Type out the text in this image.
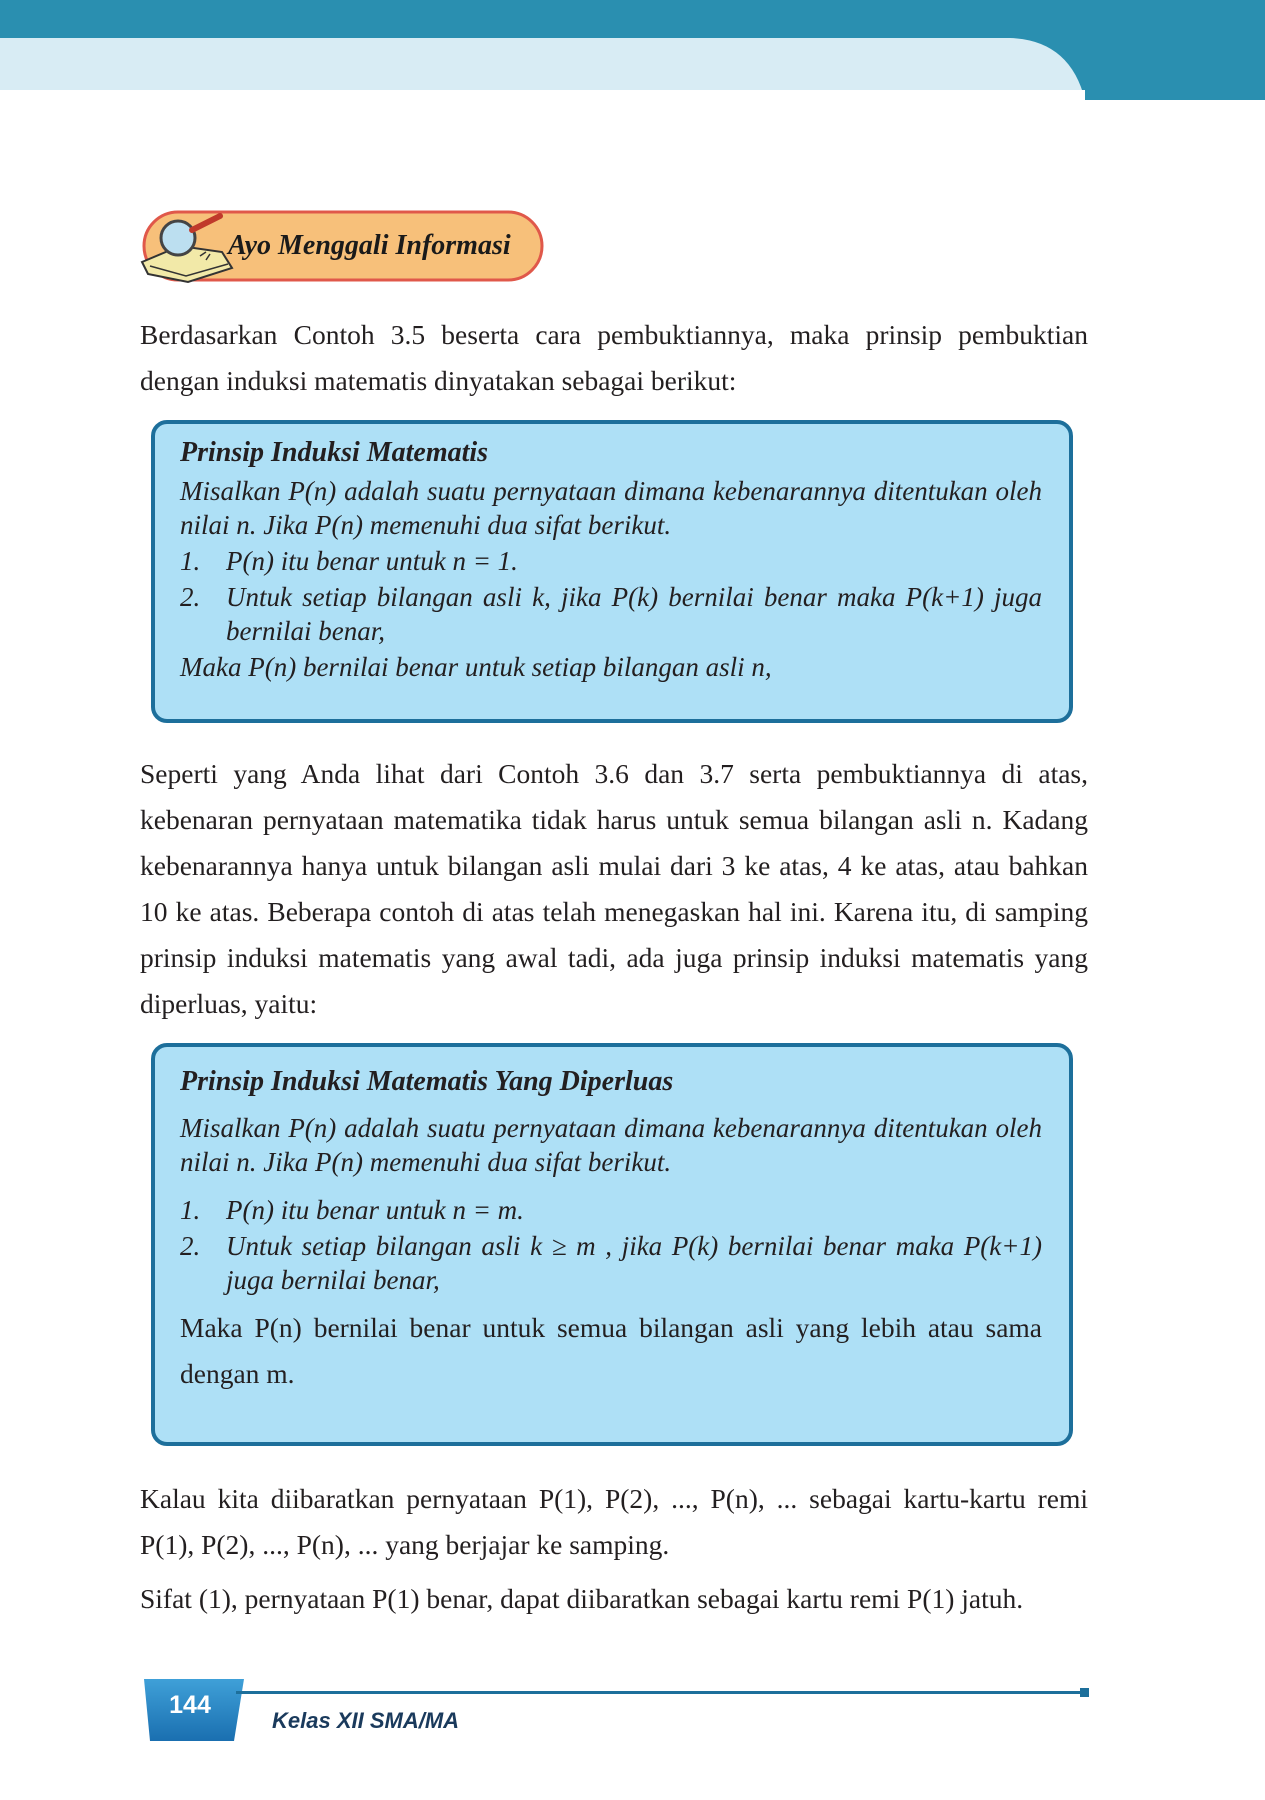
Ayo Menggali Informasi

Berdasarkan Contoh 3.5 beserta cara pembuktiannya, maka prinsip pembuktian dengan induksi matematis dinyatakan sebagai berikut:

Prinsip Induksi Matematis

Misalkan P(n) adalah suatu pernyataan dimana kebenarannya ditentukan oleh nilai n. Jika P(n) memenuhi dua sifat berikut.

1. P(n) itu benar untuk n = 1.
2. Untuk setiap bilangan asli k, jika P(k) bernilai benar maka P(k+1) juga bernilai benar,

Maka P(n) bernilai benar untuk setiap bilangan asli n,

Seperti yang Anda lihat dari Contoh 3.6 dan 3.7 serta pembuktiannya di atas, kebenaran pernyataan matematika tidak harus untuk semua bilangan asli n. Kadang kebenarannya hanya untuk bilangan asli mulai dari 3 ke atas, 4 ke atas, atau bahkan 10 ke atas. Beberapa contoh di atas telah menegaskan hal ini. Karena itu, di samping prinsip induksi matematis yang awal tadi, ada juga prinsip induksi matematis yang diperluas, yaitu:

Prinsip Induksi Matematis Yang Diperluas

Misalkan P(n) adalah suatu pernyataan dimana kebenarannya ditentukan oleh nilai n. Jika P(n) memenuhi dua sifat berikut.

1. P(n) itu benar untuk n = m.
2. Untuk setiap bilangan asli k ≥ m , jika P(k) bernilai benar maka P(k+1) juga bernilai benar,

Maka P(n) bernilai benar untuk semua bilangan asli yang lebih atau sama dengan m.

Kalau kita diibaratkan pernyataan P(1), P(2), ..., P(n), ... sebagai kartu-kartu remi P(1), P(2), ..., P(n), ... yang berjajar ke samping.

Sifat (1), pernyataan P(1) benar, dapat diibaratkan sebagai kartu remi P(1) jatuh.

144
Kelas XII SMA/MA
